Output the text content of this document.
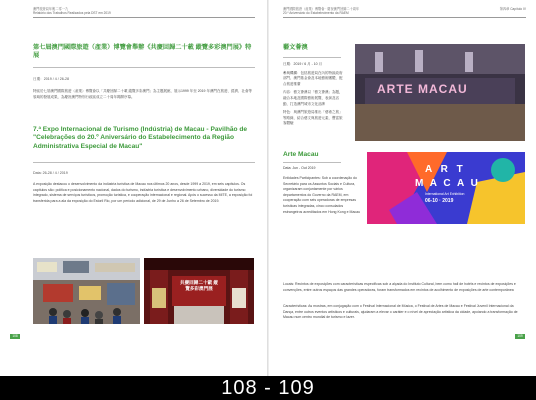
澳門旅遊局年報二零一九
Relatório dos Trabalhos Realizados pela DST em 2019
第七屆澳門國際旅遊（產業）博覽會舉辦《共慶回歸二十載 縱覽多彩澳門展》特展
日期：2019 / 4 / 26-28
特區於七屆澳門國際旅遊（產業）博覽會以「共慶回歸二十載 縱覽多彩澳門」為主題展館，展示1999 年至 2019 年澳門在旅遊、經濟、社會等領域的發展成果，為慶祝澳門特別行政區成立二十周年揭開序幕。
7.ª Expo Internacional de Turismo (Indústria) de Macau - Pavilhão de "Celebrações do 20.º Aniversário do Estabelecimento da Região Administrativa Especial de Macau"
Data: 26-28 / 4 / 2019
A exposição destacou o desenvolvimento da indústria turística de Macau nos últimos 20 anos, desde 1999 a 2019, em seis capítulos. Os capítulos são: política e posicionamento nacional, dados do turismo, indústria turística e desenvolvimento urbano, diversidade do turismo integrado, sistema de serviços turísticos, promoção turística, e cooperação internacional e regional. Após o sucesso da MITE, a exposição foi transferida para a ala da exposição do Estoril Rio, por um período adicional, de 29 de Junho a 26 de Setembro de 2019.
共慶回歸二十載 縱覽多彩澳門展
108
澳門國際旅遊（產業）博覽會 · 慶祝澳門回歸二十周年
20.º Aniversário do Estabelecimento da RAEM
第四章 Capítulo IV
藝文薈澳
日期：2019 / 6 月 - 10 月
參與機構：包括旅遊局在內的特區政府部門、澳門基金會及本地藝術團體，配合旅遊推廣
內容：藝文薈澳以「藝文薈澳」為題，融合本地及國際藝術展覽、表演及活動，打造澳門城市文化品牌
特色：與澳門旅遊局推出「藝術之旅」等路線，結合藝文與旅遊元素，豐富旅客體驗
ARTE MACAU
Arte Macau
Data: Jun - Out 2019
Entidades Participantes: Sob a coordenação do Secretário para os Assuntos Sociais e Cultura, organizaram conjuntamente por vários departamentos do Governo da RAEM, em cooperação com seis operadoras de empresas turísticas integradas, cinco consulados estrangeiros acreditados em Hong Kong e Macau
A R T
M A C A U
International Art Exhibition
06-10 · 2019
Locais: Recintos de exposições com características específicas sob a alçada do Instituto Cultural, bem como hall de hotéis e recintos de exposições e convenções, entre outros espaços das grandes operadoras, foram transformados em recintos de acolhimento de exposições de arte contemporânea
Características: As mostras, em conjugação com o Festival Internacional de Música, o Festival de Artes de Macau e Festival Juvenil Internacional da Dança, entre outros eventos artísticos e culturais, ajudaram a elevar o caráter e o nível de apreciação artística da cidade, apoiando a transformação de Macau num centro mundial de turismo e lazer.
109
108 - 109
